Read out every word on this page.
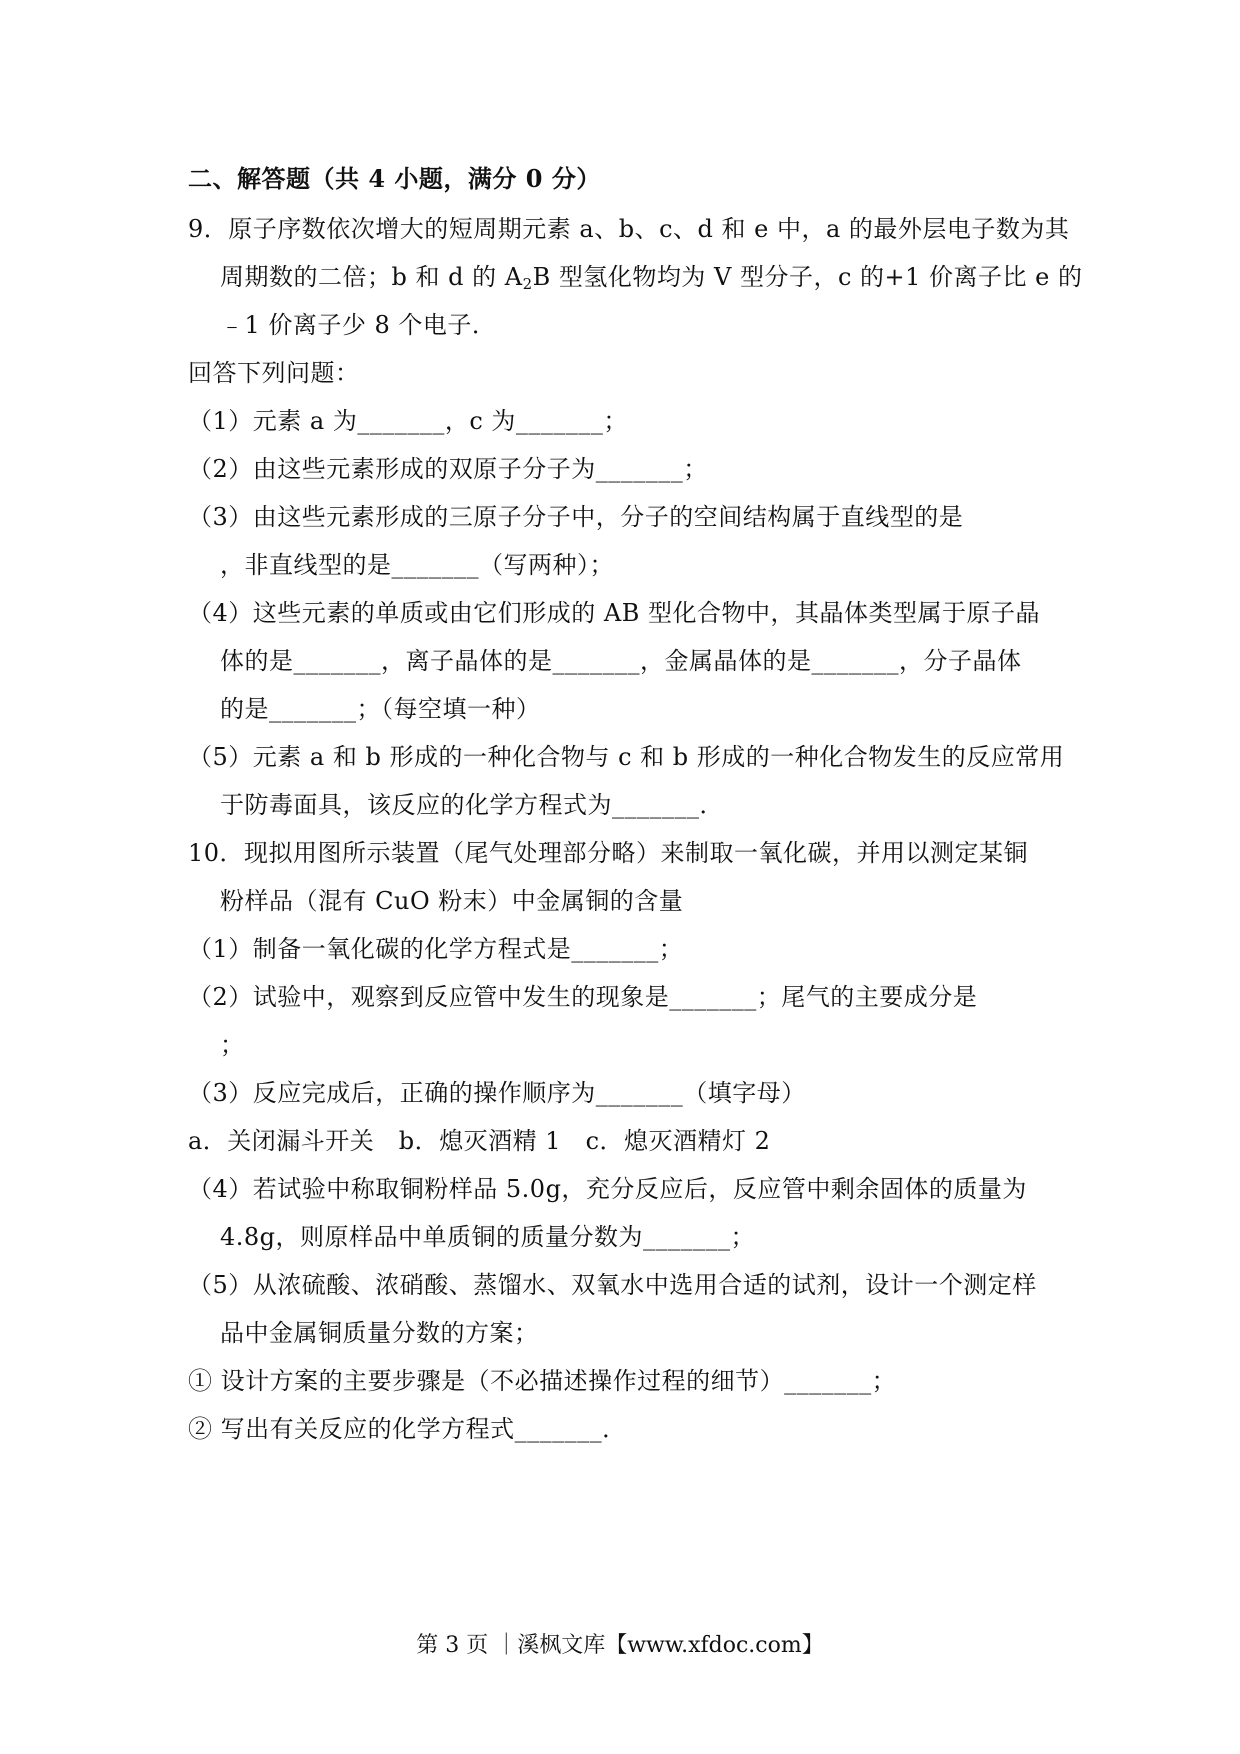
二、解答题（共 4 小题，满分 0 分）
9．原子序数依次增大的短周期元素 a、b、c、d 和 e 中，a 的最外层电子数为其
周期数的二倍；b 和 d 的 $A_2B$ 型氢化物均为 V 型分子，c 的+1 价离子比 e 的
﹣1 价离子少 8 个电子．
回答下列问题：
（1）元素 a 为_______，c 为_______；
（2）由这些元素形成的双原子分子为_______；
（3）由这些元素形成的三原子分子中，分子的空间结构属于直线型的是
，非直线型的是_______（写两种）；
（4）这些元素的单质或由它们形成的 AB 型化合物中，其晶体类型属于原子晶
体的是_______，离子晶体的是_______，金属晶体的是_______，分子晶体
的是_______；（每空填一种）
（5）元素 a 和 b 形成的一种化合物与 c 和 b 形成的一种化合物发生的反应常用
于防毒面具，该反应的化学方程式为_______．
10．现拟用图所示装置（尾气处理部分略）来制取一氧化碳，并用以测定某铜
粉样品（混有 CuO 粉末）中金属铜的含量
（1）制备一氧化碳的化学方程式是_______；
（2）试验中，观察到反应管中发生的现象是_______；尾气的主要成分是
；
（3）反应完成后，正确的操作顺序为_______（填字母）
a．关闭漏斗开关　b．熄灭酒精 1　c．熄灭酒精灯 2
（4）若试验中称取铜粉样品 5.0g，充分反应后，反应管中剩余固体的质量为
4.8g，则原样品中单质铜的质量分数为_______；
（5）从浓硫酸、浓硝酸、蒸馏水、双氧水中选用合适的试剂，设计一个测定样
品中金属铜质量分数的方案；
① 设计方案的主要步骤是（不必描述操作过程的细节）_______；
② 写出有关反应的化学方程式_______．
第 3 页 ｜溪枫文库【www.xfdoc.com】
